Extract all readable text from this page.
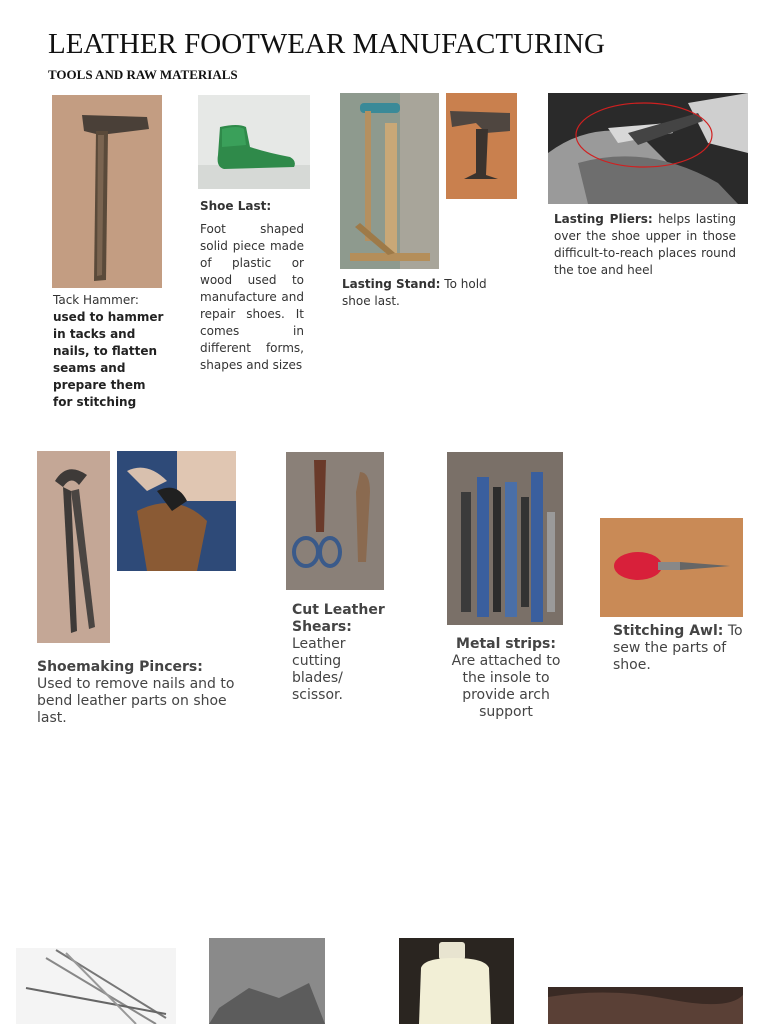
LEATHER FOOTWEAR MANUFACTURING
TOOLS AND RAW MATERIALS
Tack Hammer:
used to hammer in tacks and nails, to flatten seams and prepare them for stitching
Shoe Last:
Foot shaped solid piece made of plastic or wood used to manufacture and repair shoes. It comes in different forms, shapes and sizes
Lasting Stand: To hold shoe last.
Lasting Pliers: helps lasting over the shoe upper in those difficult-to-reach places round the toe and heel
Shoemaking Pincers: Used to remove nails and to bend leather parts on shoe last.
Cut Leather Shears: Leather cutting blades/ scissor.
Metal strips: Are attached to the insole to provide arch support
Stitching Awl: To sew the parts of shoe.
